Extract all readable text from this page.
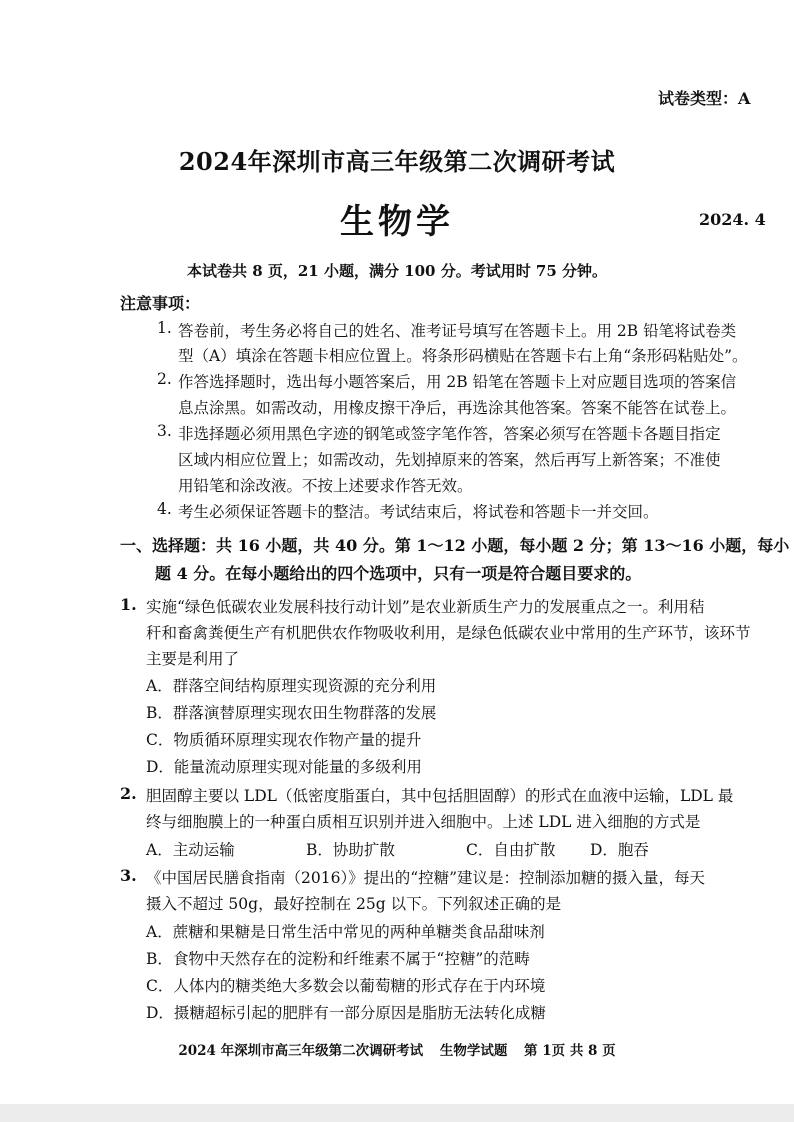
试卷类型：A
2024年深圳市高三年级第二次调研考试
生物学	2024. 4
本试卷共 8 页，21 小题，满分 100 分。考试用时 75 分钟。
注意事项：
1. 答卷前，考生务必将自己的姓名、准考证号填写在答题卡上。用 2B 铅笔将试卷类
型（A）填涂在答题卡相应位置上。将条形码横贴在答题卡右上角“条形码粘贴处”。
2. 作答选择题时，选出每小题答案后，用 2B 铅笔在答题卡上对应题目选项的答案信
息点涂黑。如需改动，用橡皮擦干净后，再选涂其他答案。答案不能答在试卷上。
3. 非选择题必须用黑色字迹的钢笔或签字笔作答，答案必须写在答题卡各题目指定
区域内相应位置上；如需改动，先划掉原来的答案，然后再写上新答案；不准使
用铅笔和涂改液。不按上述要求作答无效。
4. 考生必须保证答题卡的整洁。考试结束后，将试卷和答题卡一并交回。
一、选择题：共 16 小题，共 40 分。第 1～12 小题，每小题 2 分；第 13～16 小题，每小
题 4 分。在每小题给出的四个选项中，只有一项是符合题目要求的。
1. 实施“绿色低碳农业发展科技行动计划”是农业新质生产力的发展重点之一。利用秸
秆和畜禽粪便生产有机肥供农作物吸收利用，是绿色低碳农业中常用的生产环节，该环节
主要是利用了
A．群落空间结构原理实现资源的充分利用
B．群落演替原理实现农田生物群落的发展
C．物质循环原理实现农作物产量的提升
D．能量流动原理实现对能量的多级利用
2. 胆固醇主要以 LDL（低密度脂蛋白，其中包括胆固醇）的形式在血液中运输，LDL 最
终与细胞膜上的一种蛋白质相互识别并进入细胞中。上述 LDL 进入细胞的方式是
A．主动运输	B．协助扩散	C．自由扩散 D．胞吞
3. 《中国居民膳食指南（2016）》提出的“控糖”建议是：控制添加糖的摄入量，每天
摄入不超过 50g，最好控制在 25g 以下。下列叙述正确的是
A．蔗糖和果糖是日常生活中常见的两种单糖类食品甜味剂
B．食物中天然存在的淀粉和纤维素不属于“控糖”的范畴
C．人体内的糖类绝大多数会以葡萄糖的形式存在于内环境
D．摄糖超标引起的肥胖有一部分原因是脂肪无法转化成糖
2024 年深圳市高三年级第二次调研考试 生物学试题 第 1页 共 8 页
